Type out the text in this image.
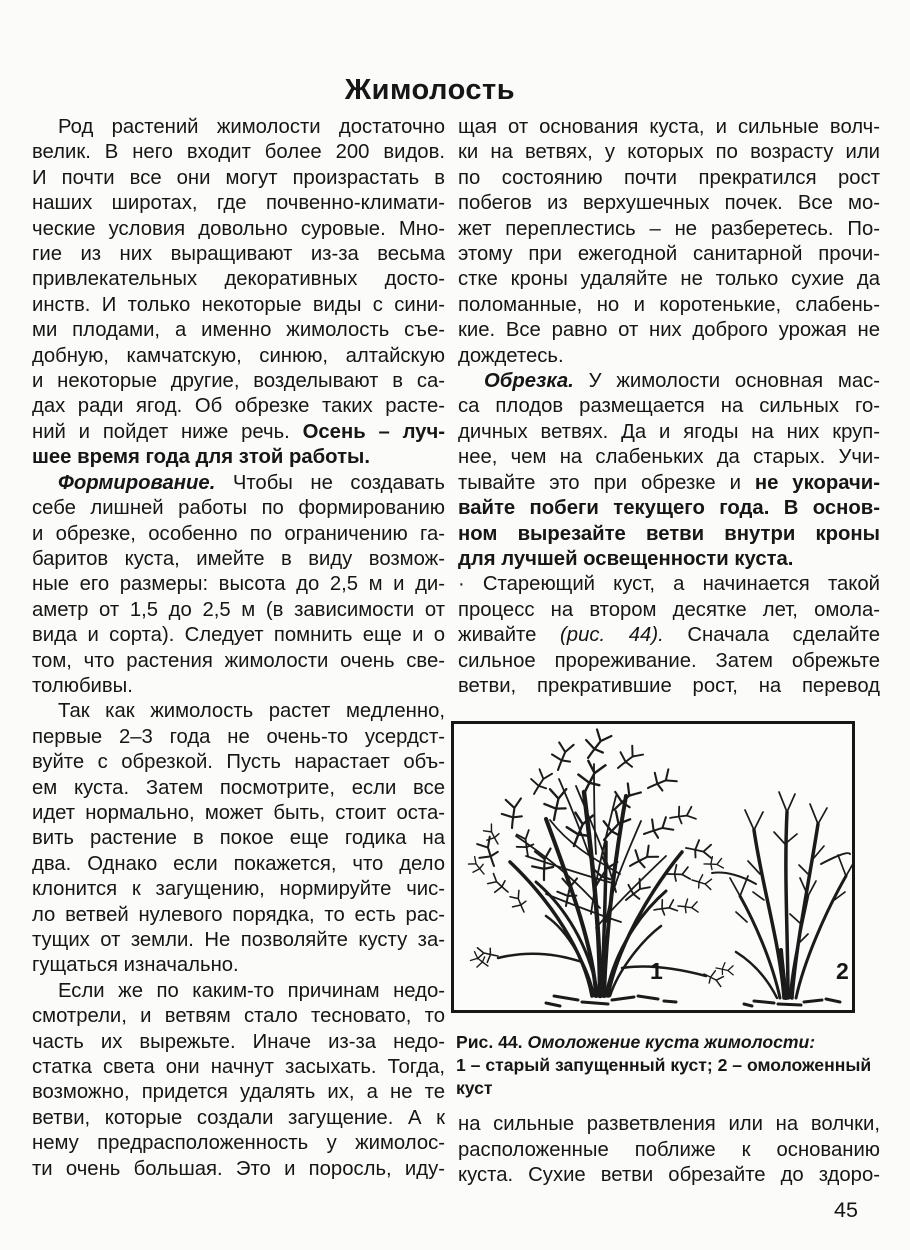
Жимолость
Род растений жимолости достаточно
велик. В него входит более 200 видов.
И почти все они могут произрастать в
наших широтах, где почвенно-климати-
ческие условия довольно суровые. Мно-
гие из них выращивают из-за весьма
привлекательных декоративных досто-
инств. И только некоторые виды с сини-
ми плодами, а именно жимолость съе-
добную, камчатскую, синюю, алтайскую
и некоторые другие, возделывают в са-
дах ради ягод. Об обрезке таких расте-
ний и пойдет ниже речь. Осень – луч-
шее время года для зтой работы.
Формирование. Чтобы не создавать
себе лишней работы по формированию
и обрезке, особенно по ограничению га-
баритов куста, имейте в виду возмож-
ные его размеры: высота до 2,5 м и ди-
аметр от 1,5 до 2,5 м (в зависимости от
вида и сорта). Следует помнить еще и о
том, что растения жимолости очень све-
толюбивы.
Так как жимолость растет медленно,
первые 2–3 года не очень-то усердст-
вуйте с обрезкой. Пусть нарастает объ-
ем куста. Затем посмотрите, если все
идет нормально, может быть, стоит оста-
вить растение в покое еще годика на
два. Однако если покажется, что дело
клонится к загущению, нормируйте чис-
ло ветвей нулевого порядка, то есть рас-
тущих от земли. Не позволяйте кусту за-
гущаться изначально.
Если же по каким-то причинам недо-
смотрели, и ветвям стало тесновато, то
часть их вырежьте. Иначе из-за недо-
статка света они начнут засыхать. Тогда,
возможно, придется удалять их, а не те
ветви, которые создали загущение. А к
нему предрасположенность у жимолос-
ти очень большая. Это и поросль, иду-
щая от основания куста, и сильные волч-
ки на ветвях, у которых по возрасту или
по состоянию почти прекратился рост
побегов из верхушечных почек. Все мо-
жет переплестись – не разберетесь. По-
этому при ежегодной санитарной прочи-
стке кроны удаляйте не только сухие да
поломанные, но и коротенькие, слабень-
кие. Все равно от них доброго урожая не
дождетесь.
Обрезка. У жимолости основная мас-
са плодов размещается на сильных го-
дичных ветвях. Да и ягоды на них круп-
нее, чем на слабеньких да старых. Учи-
тывайте это при обрезке и не укорачи-
вайте побеги текущего года. В основ-
ном вырезайте ветви внутри кроны
для лучшей освещенности куста.
· Стареющий куст, а начинается такой
процесс на втором десятке лет, омола-
живайте (рис. 44). Сначала сделайте
сильное прореживание. Затем обрежьте
ветви, прекратившие рост, на перевод
1	2
Рис. 44. Омоложение куста жимолости:
1 – старый запущенный куст; 2 – омоложенный
куст
на сильные разветвления или на волчки,
расположенные поближе к основанию
куста. Сухие ветви обрезайте до здоро-
45
